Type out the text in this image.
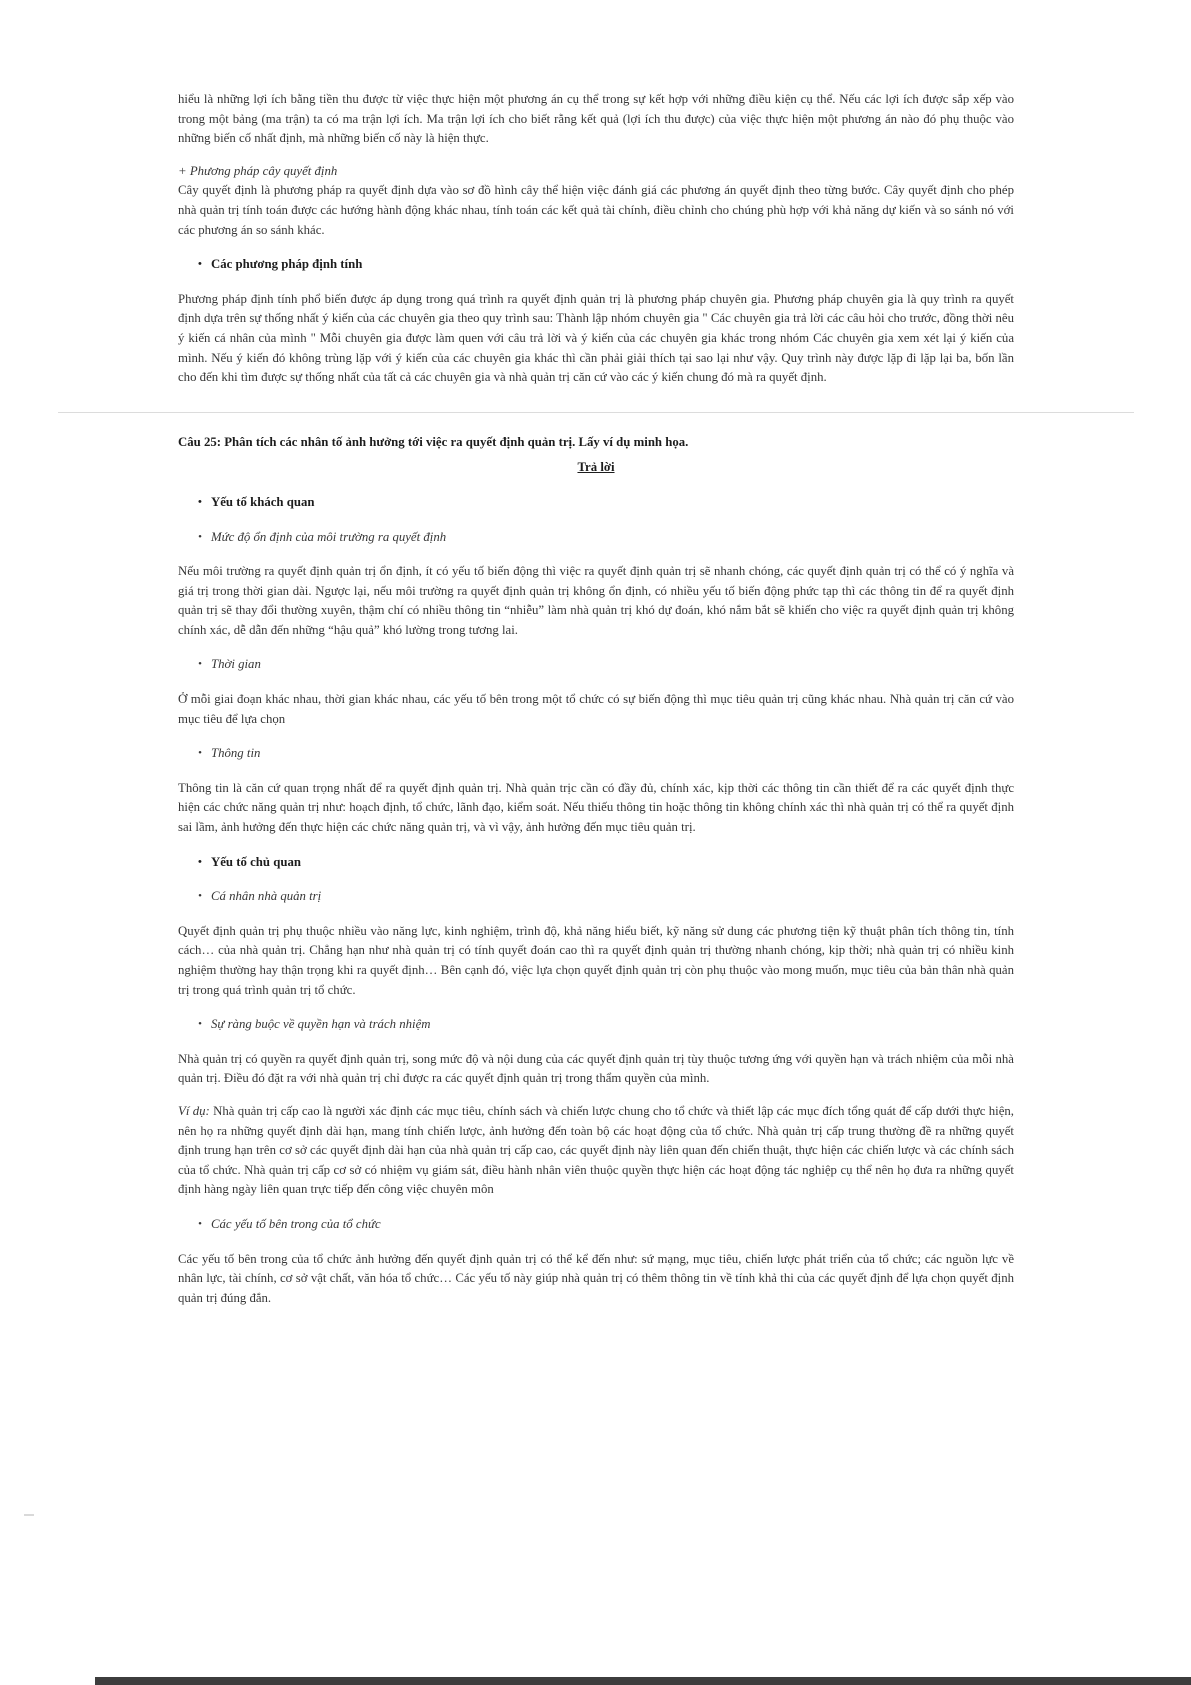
hiểu là những lợi ích bằng tiền thu được từ việc thực hiện một phương án cụ thể trong sự kết hợp với những điều kiện cụ thể. Nếu các lợi ích được sắp xếp vào trong một bảng (ma trận) ta có ma trận lợi ích. Ma trận lợi ích cho biết rằng kết quả (lợi ích thu được) của việc thực hiện một phương án nào đó phụ thuộc vào những biến cố nhất định, mà những biến cố này là hiện thực.
+ Phương pháp cây quyết định
Cây quyết định là phương pháp ra quyết định dựa vào sơ đồ hình cây thể hiện việc đánh giá các phương án quyết định theo từng bước. Cây quyết định cho phép nhà quản trị tính toán được các hướng hành động khác nhau, tính toán các kết quả tài chính, điều chỉnh cho chúng phù hợp với khả năng dự kiến và so sánh nó với các phương án so sánh khác.
• Các phương pháp định tính
Phương pháp định tính phổ biến được áp dụng trong quá trình ra quyết định quản trị là phương pháp chuyên gia. Phương pháp chuyên gia là quy trình ra quyết định dựa trên sự thống nhất ý kiến của các chuyên gia theo quy trình sau: Thành lập nhóm chuyên gia " Các chuyên gia trả lời các câu hỏi cho trước, đồng thời nêu ý kiến cá nhân của mình " Mỗi chuyên gia được làm quen với câu trả lời và ý kiến của các chuyên gia khác trong nhóm Các chuyên gia xem xét lại ý kiến của mình. Nếu ý kiến đó không trùng lặp với ý kiến của các chuyên gia khác thì cần phải giải thích tại sao lại như vậy. Quy trình này được lặp đi lặp lại ba, bốn lần cho đến khi tìm được sự thống nhất của tất cả các chuyên gia và nhà quản trị căn cứ vào các ý kiến chung đó mà ra quyết định.
Câu 25: Phân tích các nhân tố ảnh hưởng tới việc ra quyết định quản trị. Lấy ví dụ minh họa.
Trả lời
• Yếu tố khách quan
• Mức độ ổn định của môi trường ra quyết định
Nếu môi trường ra quyết định quản trị ổn định, ít có yếu tố biến động thì việc ra quyết định quản trị sẽ nhanh chóng, các quyết định quản trị có thể có ý nghĩa và giá trị trong thời gian dài. Ngược lại, nếu môi trường ra quyết định quản trị không ổn định, có nhiều yếu tố biến động phức tạp thì các thông tin để ra quyết định quản trị sẽ thay đổi thường xuyên, thậm chí có nhiều thông tin “nhiễu” làm nhà quản trị khó dự đoán, khó nắm bắt sẽ khiến cho việc ra quyết định quản trị không chính xác, dễ dẫn đến những “hậu quả” khó lường trong tương lai.
• Thời gian
Ở mỗi giai đoạn khác nhau, thời gian khác nhau, các yếu tố bên trong một tổ chức có sự biến động thì mục tiêu quản trị cũng khác nhau. Nhà quản trị căn cứ vào mục tiêu để lựa chọn
• Thông tin
Thông tin là căn cứ quan trọng nhất để ra quyết định quản trị. Nhà quản trịc cần có đầy đủ, chính xác, kịp thời các thông tin cần thiết để ra các quyết định thực hiện các chức năng quản trị như: hoạch định, tổ chức, lãnh đạo, kiểm soát. Nếu thiếu thông tin hoặc thông tin không chính xác thì nhà quản trị có thể ra quyết định sai lầm, ảnh hưởng đến thực hiện các chức năng quản trị, và vì vậy, ảnh hưởng đến mục tiêu quản trị.
• Yếu tố chủ quan
• Cá nhân nhà quản trị
Quyết định quản trị phụ thuộc nhiều vào năng lực, kinh nghiệm, trình độ, khả năng hiểu biết, kỹ năng sử dung các phương tiện kỹ thuật phân tích thông tin, tính cách… của nhà quản trị. Chẳng hạn như nhà quản trị có tính quyết đoán cao thì ra quyết định quản trị thường nhanh chóng, kịp thời; nhà quản trị có nhiều kinh nghiệm thường hay thận trọng khi ra quyết định… Bên cạnh đó, việc lựa chọn quyết định quản trị còn phụ thuộc vào mong muốn, mục tiêu của bản thân nhà quản trị trong quá trình quản trị tổ chức.
• Sự ràng buộc về quyền hạn và trách nhiệm
Nhà quản trị có quyền ra quyết định quản trị, song mức độ và nội dung của các quyết định quản trị tùy thuộc tương ứng với quyền hạn và trách nhiệm của mỗi nhà quản trị. Điều đó đặt ra với nhà quản trị chỉ được ra các quyết định quản trị trong thẩm quyền của mình.
Ví dụ: Nhà quản trị cấp cao là người xác định các mục tiêu, chính sách và chiến lược chung cho tổ chức và thiết lập các mục đích tổng quát để cấp dưới thực hiện, nên họ ra những quyết định dài hạn, mang tính chiến lược, ảnh hưởng đến toàn bộ các hoạt động của tổ chức. Nhà quản trị cấp trung thường đề ra những quyết định trung hạn trên cơ sở các quyết định dài hạn của nhà quản trị cấp cao, các quyết định này liên quan đến chiến thuật, thực hiện các chiến lược và các chính sách của tổ chức. Nhà quản trị cấp cơ sở có nhiệm vụ giám sát, điều hành nhân viên thuộc quyền thực hiện các hoạt động tác nghiệp cụ thể nên họ đưa ra những quyết định hàng ngày liên quan trực tiếp đến công việc chuyên môn
• Các yếu tố bên trong của tổ chức
Các yếu tố bên trong của tổ chức ảnh hưởng đến quyết định quản trị có thể kể đến như: sứ mạng, mục tiêu, chiến lược phát triển của tổ chức; các nguồn lực về nhân lực, tài chính, cơ sở vật chất, văn hóa tổ chức… Các yếu tố này giúp nhà quản trị có thêm thông tin về tính khả thi của các quyết định để lựa chọn quyết định quản trị đúng đắn.
